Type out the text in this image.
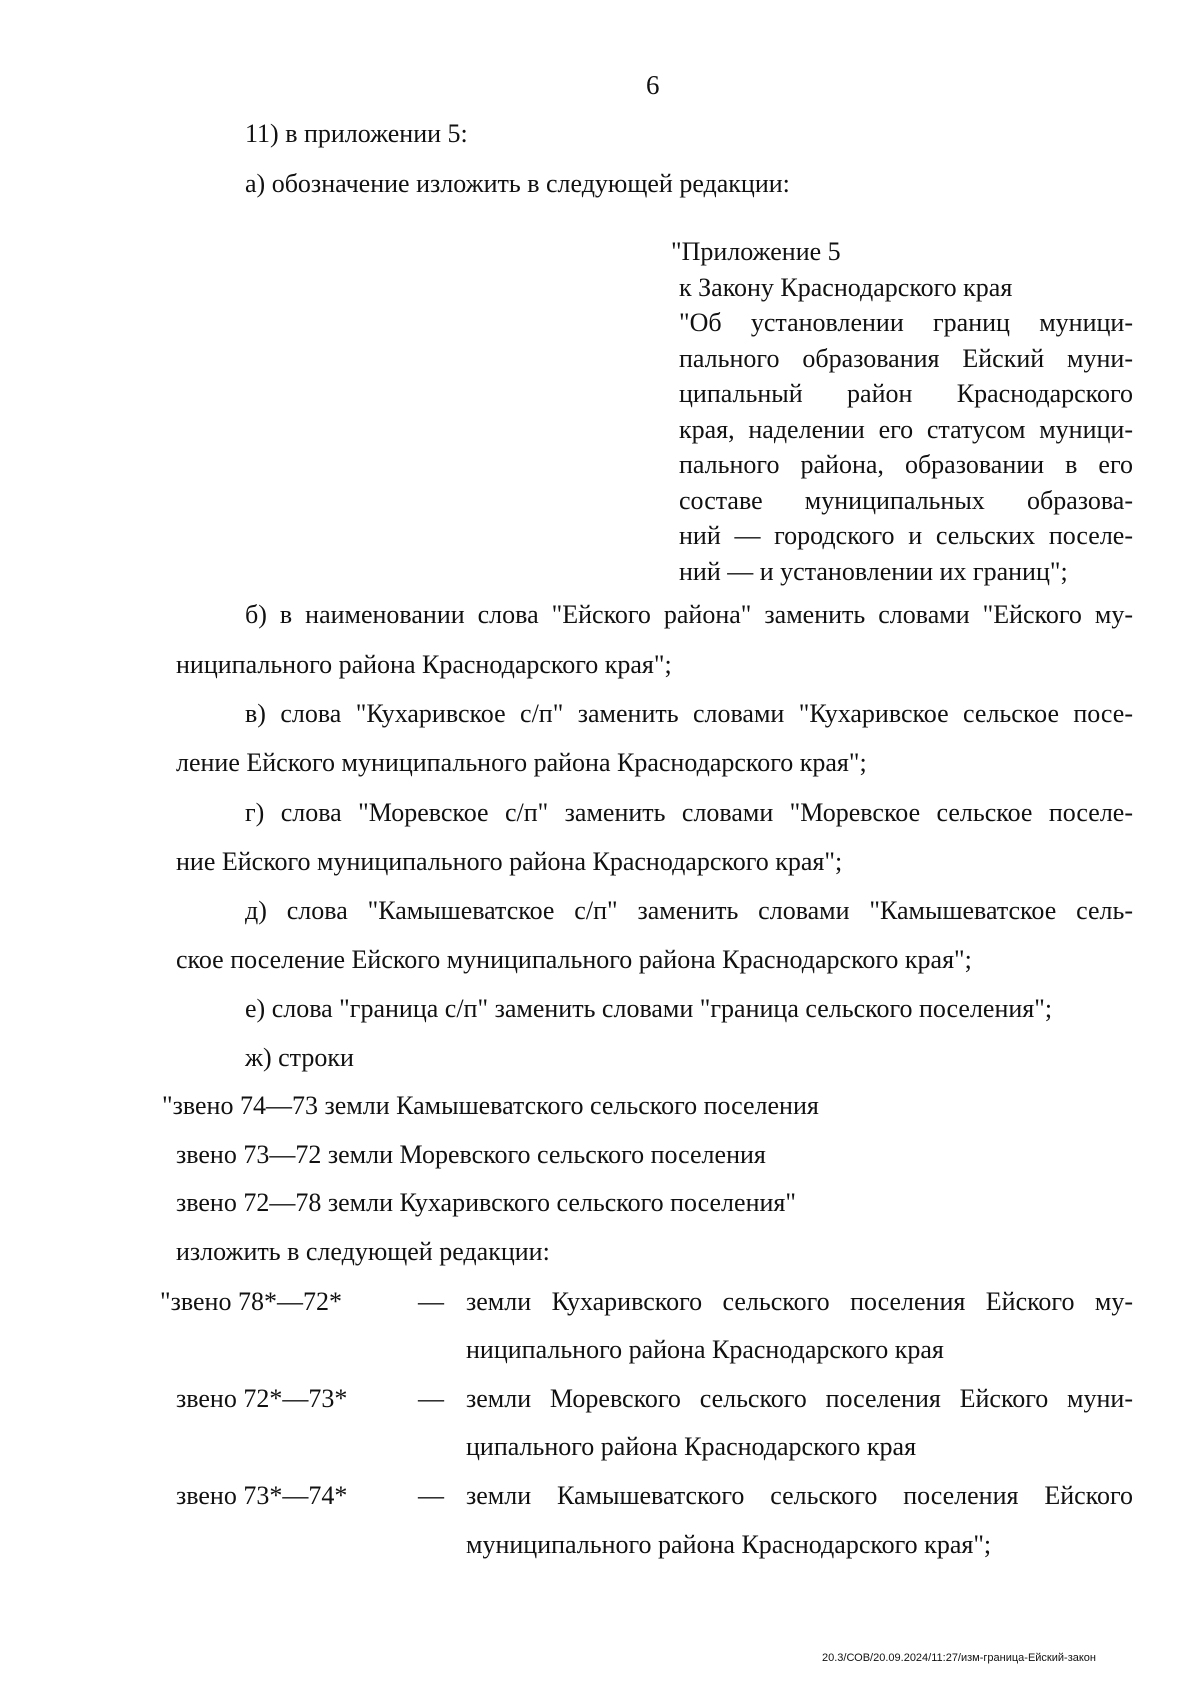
6
11) в приложении 5:
а) обозначение изложить в следующей редакции:
"Приложение 5
к Закону Краснодарского края
"Об установлении границ муници-
пального образования Ейский муни-
ципальный район Краснодарского
края, наделении его статусом муници-
пального района, образовании в его
составе муниципальных образова-
ний — городского и сельских поселе-
ний — и установлении их границ";
б) в наименовании слова "Ейского района" заменить словами "Ейского му-
ниципального района Краснодарского края";
в) слова "Кухаривское с/п" заменить словами "Кухаривское сельское посе-
ление Ейского муниципального района Краснодарского края";
г) слова "Моревское с/п" заменить словами "Моревское сельское поселе-
ние Ейского муниципального района Краснодарского края";
д) слова "Камышеватское с/п" заменить словами "Камышеватское сель-
ское поселение Ейского муниципального района Краснодарского края";
е) слова "граница с/п" заменить словами "граница сельского поселения";
ж) строки
"звено 74—73 земли Камышеватского сельского поселения
звено 73—72 земли Моревского сельского поселения
звено 72—78 земли Кухаривского сельского поселения"
изложить в следующей редакции:
"звено 78*—72*	— земли Кухаривского сельского поселения Ейского му-
ниципального района Краснодарского края
звено 72*—73*	— земли Моревского сельского поселения Ейского муни-
ципального района Краснодарского края
звено 73*—74*	— земли Камышеватского сельского поселения Ейского
муниципального района Краснодарского края";
20.3/СОВ/20.09.2024/11:27/изм-граница-Ейский-закон
